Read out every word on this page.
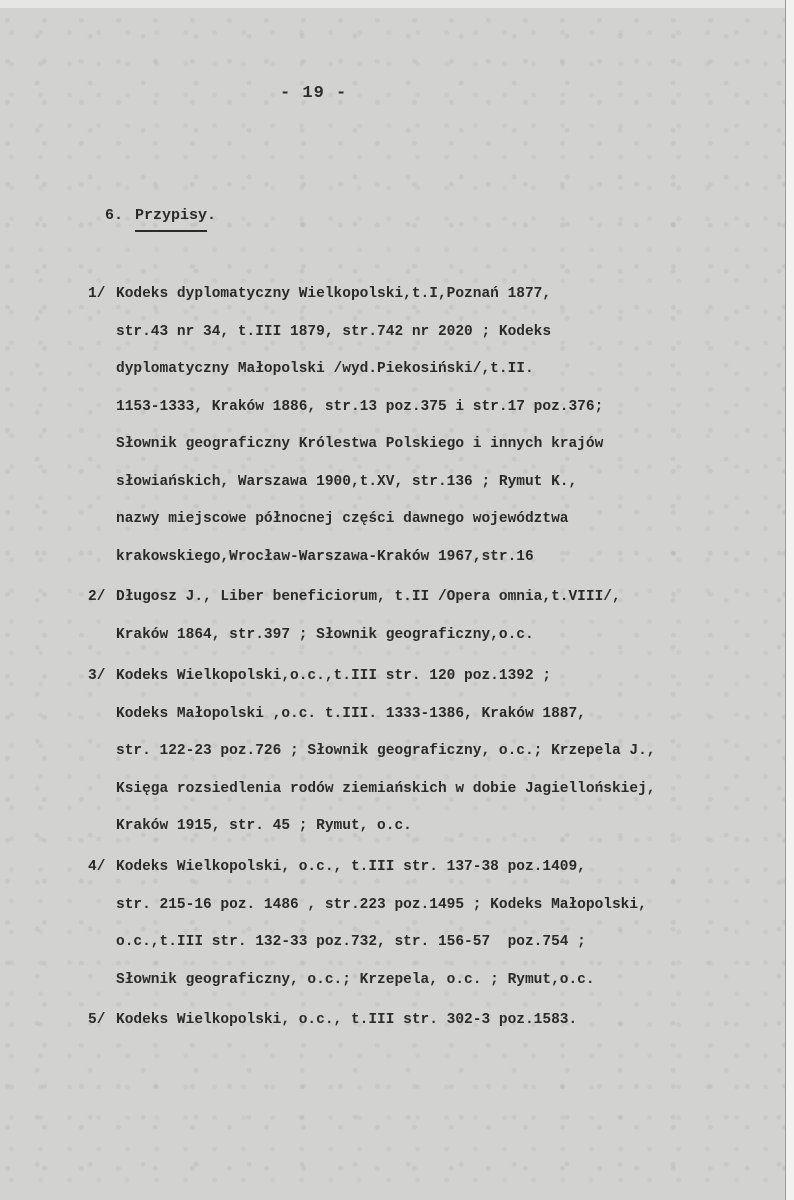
- 19 -

6. Przypisy.

1/ Kodeks dyplomatyczny Wielkopolski,t.I,Poznań 1877,
str.43 nr 34, t.III 1879, str.742 nr 2020 ; Kodeks
dyplomatyczny Małopolski /wyd.Piekosiński/,t.II.
1153-1333, Kraków 1886, str.13 poz.375 i str.17 poz.376;
Słownik geograficzny Królestwa Polskiego i innych krajów
słowiańskich, Warszawa 1900,t.XV, str.136 ; Rymut K.,
nazwy miejscowe północnej części dawnego województwa
krakowskiego,Wrocław-Warszawa-Kraków 1967,str.16
2/ Długosz J., Liber beneficiorum, t.II /Opera omnia,t.VIII/,
Kraków 1864, str.397 ; Słownik geograficzny,o.c.
3/ Kodeks Wielkopolski,o.c.,t.III str. 120 poz.1392 ;
Kodeks Małopolski ,o.c. t.III. 1333-1386, Kraków 1887,
str. 122-23 poz.726 ; Słownik geograficzny, o.c.; Krzepela J.,
Księga rozsiedlenia rodów ziemiańskich w dobie Jagiellońskiej,
Kraków 1915, str. 45 ; Rymut, o.c.
4/ Kodeks Wielkopolski, o.c., t.III str. 137-38 poz.1409,
str. 215-16 poz. 1486 , str.223 poz.1495 ; Kodeks Małopolski,
o.c.,t.III str. 132-33 poz.732, str. 156-57  poz.754 ;
Słownik geograficzny, o.c.; Krzepela, o.c. ; Rymut,o.c.
5/ Kodeks Wielkopolski, o.c., t.III str. 302-3 poz.1583.
